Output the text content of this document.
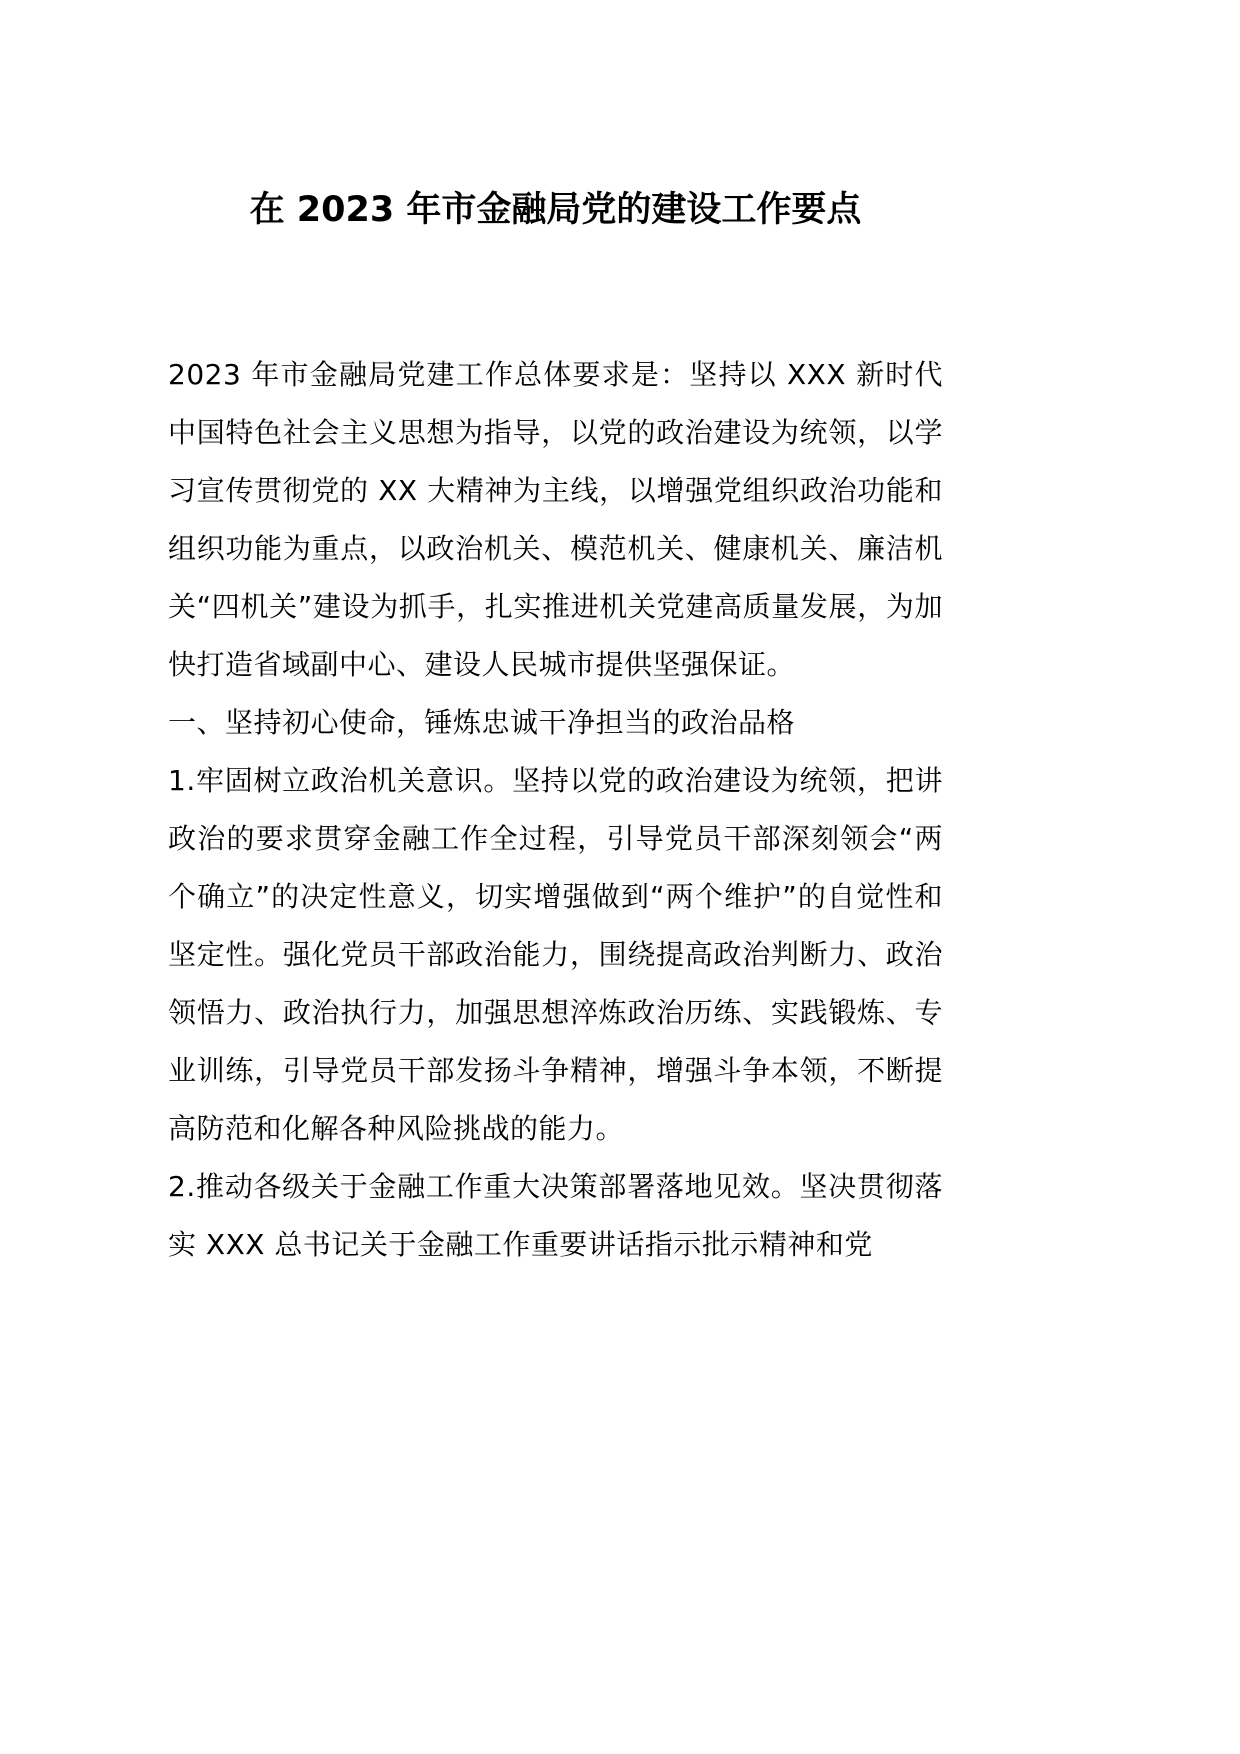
在 2023 年市金融局党的建设工作要点

2023 年市金融局党建工作总体要求是：坚持以 XXX 新时代中国特色社会主义思想为指导，以党的政治建设为统领，以学习宣传贯彻党的 XX 大精神为主线，以增强党组织政治功能和组织功能为重点，以政治机关、模范机关、健康机关、廉洁机关“四机关”建设为抓手，扎实推进机关党建高质量发展，为加快打造省域副中心、建设人民城市提供坚强保证。

一、坚持初心使命，锤炼忠诚干净担当的政治品格

1.牢固树立政治机关意识。坚持以党的政治建设为统领，把讲政治的要求贯穿金融工作全过程，引导党员干部深刻领会“两个确立”的决定性意义，切实增强做到“两个维护”的自觉性和坚定性。强化党员干部政治能力，围绕提高政治判断力、政治领悟力、政治执行力，加强思想淬炼政治历练、实践锻炼、专业训练，引导党员干部发扬斗争精神，增强斗争本领，不断提高防范和化解各种风险挑战的能力。

2.推动各级关于金融工作重大决策部署落地见效。坚决贯彻落实 XXX 总书记关于金融工作重要讲话指示批示精神和党
